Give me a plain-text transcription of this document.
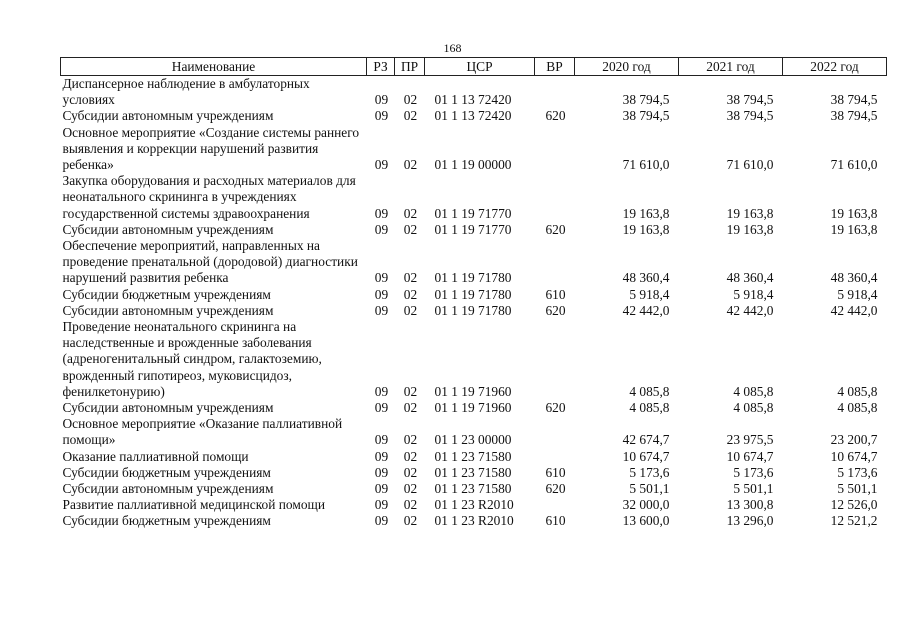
168
Наименование	РЗ	ПР	ЦСР	ВР	2020 год	2021 год	2022 год
Диспансерное наблюдение в амбулаторных условиях	09	02	01 1 13 72420		38 794,5	38 794,5	38 794,5
Субсидии автономным учреждениям	09	02	01 1 13 72420	620	38 794,5	38 794,5	38 794,5
Основное мероприятие «Создание системы раннего выявления и коррекции нарушений развития ребенка»	09	02	01 1 19 00000		71 610,0	71 610,0	71 610,0
Закупка оборудования и расходных материалов для неонатального скрининга в учреждениях государственной системы здравоохранения	09	02	01 1 19 71770		19 163,8	19 163,8	19 163,8
Субсидии автономным учреждениям	09	02	01 1 19 71770	620	19 163,8	19 163,8	19 163,8
Обеспечение мероприятий, направленных на проведение пренатальной (дородовой) диагностики нарушений развития ребенка	09	02	01 1 19 71780		48 360,4	48 360,4	48 360,4
Субсидии бюджетным учреждениям	09	02	01 1 19 71780	610	5 918,4	5 918,4	5 918,4
Субсидии автономным учреждениям	09	02	01 1 19 71780	620	42 442,0	42 442,0	42 442,0
Проведение неонатального скрининга на наследственные и врожденные заболевания (адреногенитальный синдром, галактоземию, врожденный гипотиреоз, муковисцидоз, фенилкетонурию)	09	02	01 1 19 71960		4 085,8	4 085,8	4 085,8
Субсидии автономным учреждениям	09	02	01 1 19 71960	620	4 085,8	4 085,8	4 085,8
Основное мероприятие «Оказание паллиативной помощи»	09	02	01 1 23 00000		42 674,7	23 975,5	23 200,7
Оказание паллиативной помощи	09	02	01 1 23 71580		10 674,7	10 674,7	10 674,7
Субсидии бюджетным учреждениям	09	02	01 1 23 71580	610	5 173,6	5 173,6	5 173,6
Субсидии автономным учреждениям	09	02	01 1 23 71580	620	5 501,1	5 501,1	5 501,1
Развитие паллиативной медицинской помощи	09	02	01 1 23 R2010		32 000,0	13 300,8	12 526,0
Субсидии бюджетным учреждениям	09	02	01 1 23 R2010	610	13 600,0	13 296,0	12 521,2
